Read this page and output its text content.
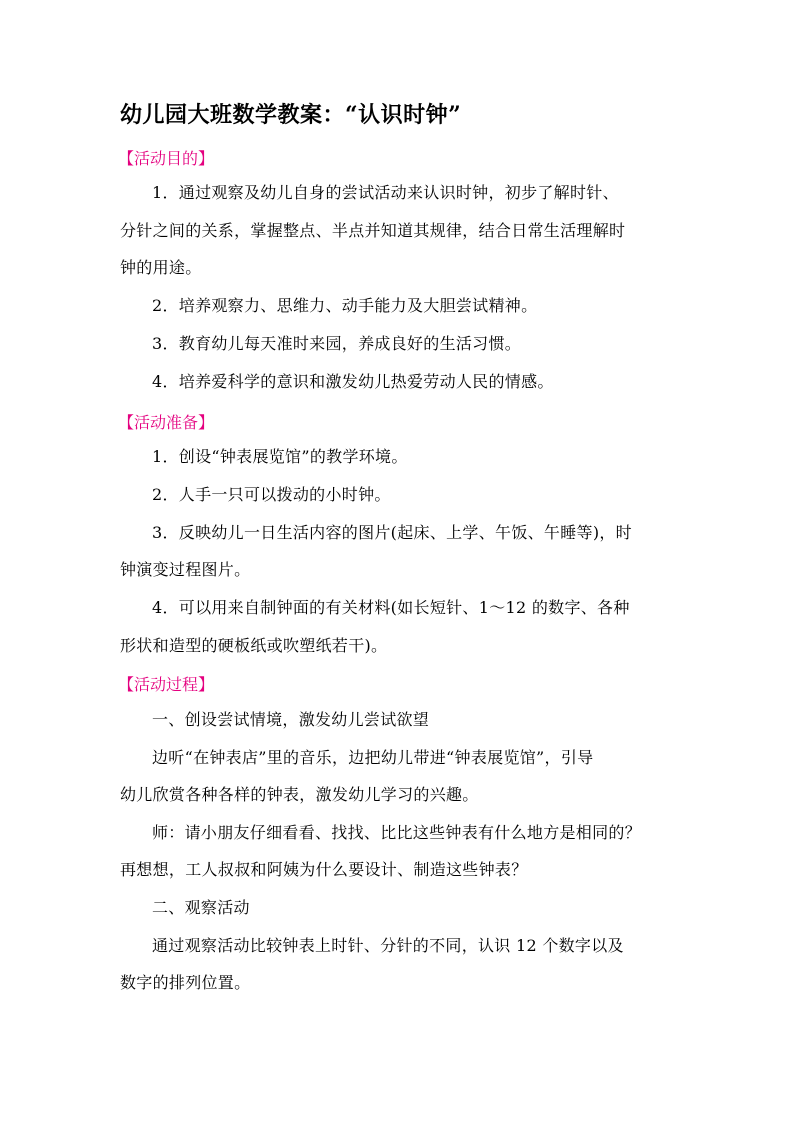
幼儿园大班数学教案：“认识时钟”
【活动目的】
1．通过观察及幼儿自身的尝试活动来认识时钟，初步了解时针、
分针之间的关系，掌握整点、半点并知道其规律，结合日常生活理解时
钟的用途。
2．培养观察力、思维力、动手能力及大胆尝试精神。
3．教育幼儿每天准时来园，养成良好的生活习惯。
4．培养爱科学的意识和激发幼儿热爱劳动人民的情感。
【活动准备】
1．创设“钟表展览馆”的教学环境。
2．人手一只可以拨动的小时钟。
3．反映幼儿一日生活内容的图片(起床、上学、午饭、午睡等)，时
钟演变过程图片。
4．可以用来自制钟面的有关材料(如长短针、1～12 的数字、各种
形状和造型的硬板纸或吹塑纸若干)。
【活动过程】
一、创设尝试情境，激发幼儿尝试欲望
边听“在钟表店”里的音乐，边把幼儿带进“钟表展览馆”，引导
幼儿欣赏各种各样的钟表，激发幼儿学习的兴趣。
师：请小朋友仔细看看、找找、比比这些钟表有什么地方是相同的？
再想想，工人叔叔和阿姨为什么要设计、制造这些钟表？
二、观察活动
通过观察活动比较钟表上时针、分针的不同，认识 12 个数字以及
数字的排列位置。
